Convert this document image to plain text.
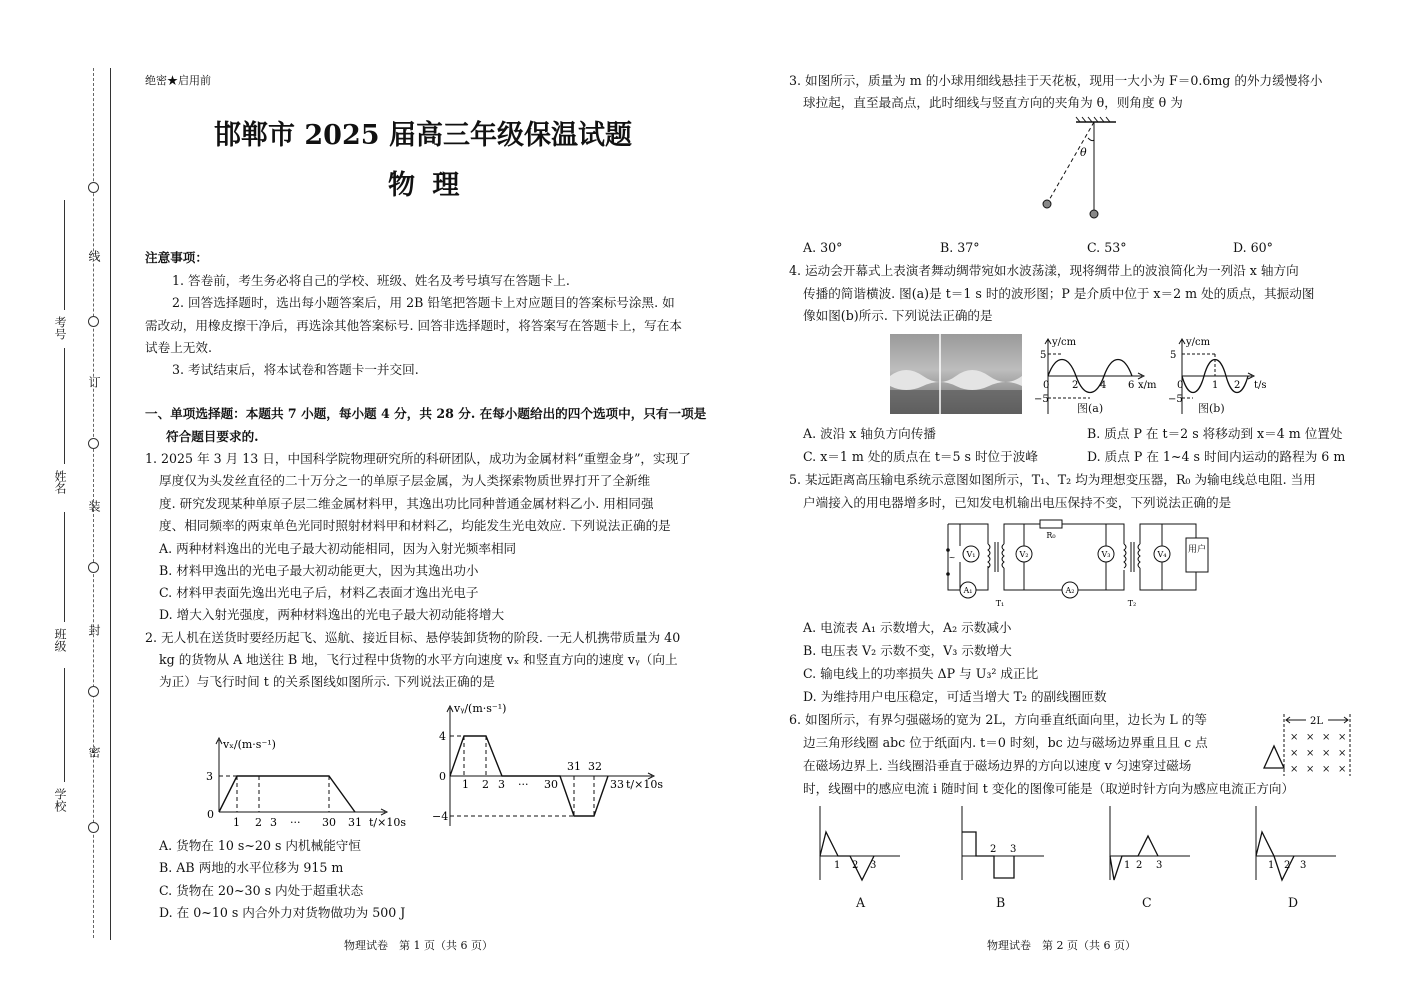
线
订
装
封
密
考号
姓名
班级
学校
绝密★启用前
邯郸市 2025 届高三年级保温试题
物 理
注意事项：
1. 答卷前，考生务必将自己的学校、班级、姓名及考号填写在答题卡上.
2. 回答选择题时，选出每小题答案后，用 2B 铅笔把答题卡上对应题目的答案标号涂黑. 如
需改动，用橡皮擦干净后，再选涂其他答案标号. 回答非选择题时，将答案写在答题卡上，写在本
试卷上无效.
3. 考试结束后，将本试卷和答题卡一并交回.
一、单项选择题：本题共 7 小题，每小题 4 分，共 28 分. 在每小题给出的四个选项中，只有一项是
符合题目要求的.
1. 2025 年 3 月 13 日，中国科学院物理研究所的科研团队，成功为金属材料“重塑金身”，实现了
厚度仅为头发丝直径的二十万分之一的单原子层金属，为人类探索物质世界打开了全新维
度. 研究发现某种单原子层二维金属材料甲，其逸出功比同种普通金属材料乙小. 用相同强
度、相同频率的两束单色光同时照射材料甲和材料乙，均能发生光电效应. 下列说法正确的是
A. 两种材料逸出的光电子最大初动能相同，因为入射光频率相同
B. 材料甲逸出的光电子最大初动能更大，因为其逸出功小
C. 材料甲表面先逸出光电子后，材料乙表面才逸出光电子
D. 增大入射光强度，两种材料逸出的光电子最大初动能将增大
2. 无人机在送货时要经历起飞、巡航、接近目标、悬停装卸货物的阶段. 一无人机携带质量为 40
kg 的货物从 A 地送往 B 地，飞行过程中货物的水平方向速度 vₓ 和竖直方向的速度 vᵧ（向上
为正）与飞行时间 t 的关系图线如图所示. 下列说法正确的是
vₓ/(m·s⁻¹)
3
0
1 2 3 ··· 30 31 t/×10s
vᵧ/(m·s⁻¹)
4
0
−4
1 2 3 ··· 30
31 32
33 t/×10s
A. 货物在 10 s~20 s 内机械能守恒
B. AB 两地的水平位移为 915 m
C. 货物在 20~30 s 内处于超重状态
D. 在 0~10 s 内合外力对货物做功为 500 J
物理试卷　第 1 页（共 6 页）
3. 如图所示，质量为 m 的小球用细线悬挂于天花板，现用一大小为 F＝0.6mg 的外力缓慢将小
球拉起，直至最高点，此时细线与竖直方向的夹角为 θ，则角度 θ 为
θ
A. 30°	B. 37°	C. 53°	D. 60°
4. 运动会开幕式上表演者舞动绸带宛如水波荡漾，现将绸带上的波浪简化为一列沿 x 轴方向
传播的简谐横波. 图(a)是 t＝1 s 时的波形图；P 是介质中位于 x＝2 m 处的质点，其振动图
像如图(b)所示. 下列说法正确的是
y/cm
5
−5
0 2 4 6 x/m
图(a)
y/cm
5
−5
0	1 2 t/s
图(b)
A. 波沿 x 轴负方向传播	B. 质点 P 在 t＝2 s 将移动到 x＝4 m 位置处
C. x＝1 m 处的质点在 t＝5 s 时位于波峰	D. 质点 P 在 1~4 s 时间内运动的路程为 6 m
5. 某远距离高压输电系统示意图如图所示，T₁、T₂ 均为理想变压器，R₀ 为输电线总电阻. 当用
户端接入的用电器增多时，已知发电机输出电压保持不变，下列说法正确的是
V₁	V₂	V₃	V₄
A₁	A₂
R₀
T₁	T₂
~
用户
A. 电流表 A₁ 示数增大，A₂ 示数减小
B. 电压表 V₂ 示数不变，V₃ 示数增大
C. 输电线上的功率损失 ΔP 与 U₃² 成正比
D. 为维持用户电压稳定，可适当增大 T₂ 的副线圈匝数
6. 如图所示，有界匀强磁场的宽为 2L，方向垂直纸面向里，边长为 L 的等
边三角形线圈 abc 位于纸面内. t＝0 时刻，bc 边与磁场边界重且且 c 点
在磁场边界上. 当线圈沿垂直于磁场边界的方向以速度 v 匀速穿过磁场
时，线圈中的感应电流 i 随时间 t 变化的图像可能是（取逆时针方向为感应电流正方向）
2L
× × × ×
× × × ×
× × × ×
1 2 3
A
2 3
B
1 2 3
C
1 2 3
D
物理试卷　第 2 页（共 6 页）
